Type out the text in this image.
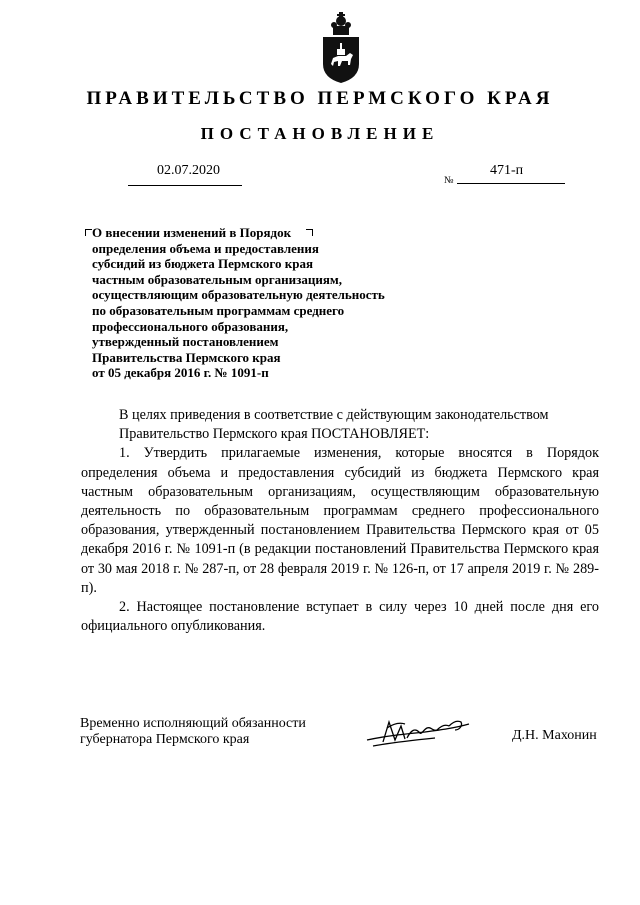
ПРАВИТЕЛЬСТВО ПЕРМСКОГО КРАЯ
ПОСТАНОВЛЕНИЕ
02.07.2020
№
471-п
О внесении изменений в Порядок
определения объема и предоставления
субсидий из бюджета Пермского края
частным образовательным организациям,
осуществляющим образовательную деятельность
по образовательным программам среднего
профессионального образования,
утвержденный постановлением
Правительства Пермского края
от 05 декабря 2016 г. № 1091-п
В целях приведения в соответствие с действующим законодательством
Правительство Пермского края ПОСТАНОВЛЯЕТ:

1. Утвердить прилагаемые изменения, которые вносятся в Порядок определения объема и предоставления субсидий из бюджета Пермского края частным образовательным организациям, осуществляющим образовательную деятельность по образовательным программам среднего профессионального образования, утвержденный постановлением Правительства Пермского края от 05 декабря 2016 г. № 1091-п (в редакции постановлений Правительства Пермского края от 30 мая 2018 г. № 287-п, от 28 февраля 2019 г. № 126-п, от 17 апреля 2019 г. № 289-п).

2. Настоящее постановление вступает в силу через 10 дней после дня его официального опубликования.

Временно исполняющий обязанности
губернатора Пермского края	Д.Н. Махонин
